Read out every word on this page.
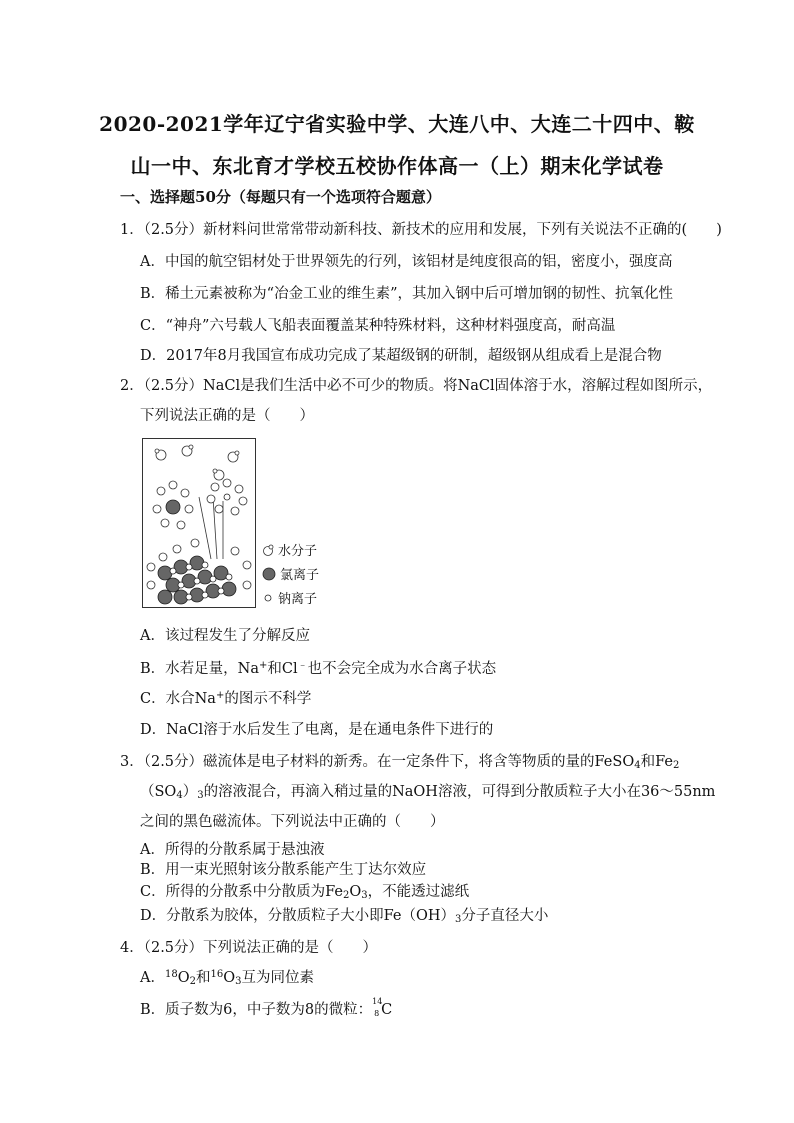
2020-2021学年辽宁省实验中学、大连八中、大连二十四中、鞍
山一中、东北育才学校五校协作体高一（上）期末化学试卷
一、选择题50分（每题只有一个选项符合题意）
1．（2.5分）新材料问世常常带动新科技、新技术的应用和发展，下列有关说法不正确的(　　)
A．中国的航空铝材处于世界领先的行列，该铝材是纯度很高的铝，密度小，强度高
B．稀土元素被称为“冶金工业的维生素”，其加入钢中后可增加钢的韧性、抗氧化性
C．“神舟”六号载人飞船表面覆盖某种特殊材料，这种材料强度高，耐高温
D．2017年8月我国宣布成功完成了某超级钢的研制，超级钢从组成看上是混合物
2．（2.5分）NaCl是我们生活中必不可少的物质。将NaCl固体溶于水，溶解过程如图所示，
下列说法正确的是（　　）
水分子
氯离子
钠离子
A．该过程发生了分解反应
B．水若足量，Na+和Cl﹣也不会完全成为水合离子状态
C．水合Na+的图示不科学
D．NaCl溶于水后发生了电离，是在通电条件下进行的
3．（2.5分）磁流体是电子材料的新秀。在一定条件下，将含等物质的量的FeSO$_4$和$Fe_2$
$(SO_4)_3$的溶液混合，再滴入稍过量的NaOH溶液，可得到分散质粒子大小在36～55nm
之间的黑色磁流体。下列说法中正确的（　　）
A．所得的分散系属于悬浊液
B．用一束光照射该分散系能产生丁达尔效应
C．所得的分散系中分散质为$Fe_2O_3$，不能透过滤纸
D．分散系为胶体，分散质粒子大小即$Fe(OH)_3$分子直径大小
4．（2.5分）下列说法正确的是（　　）
A．$^{18}O_2$和$^{16}O_3$互为同位素
B．质子数为6，中子数为8的微粒：
14
8 C
